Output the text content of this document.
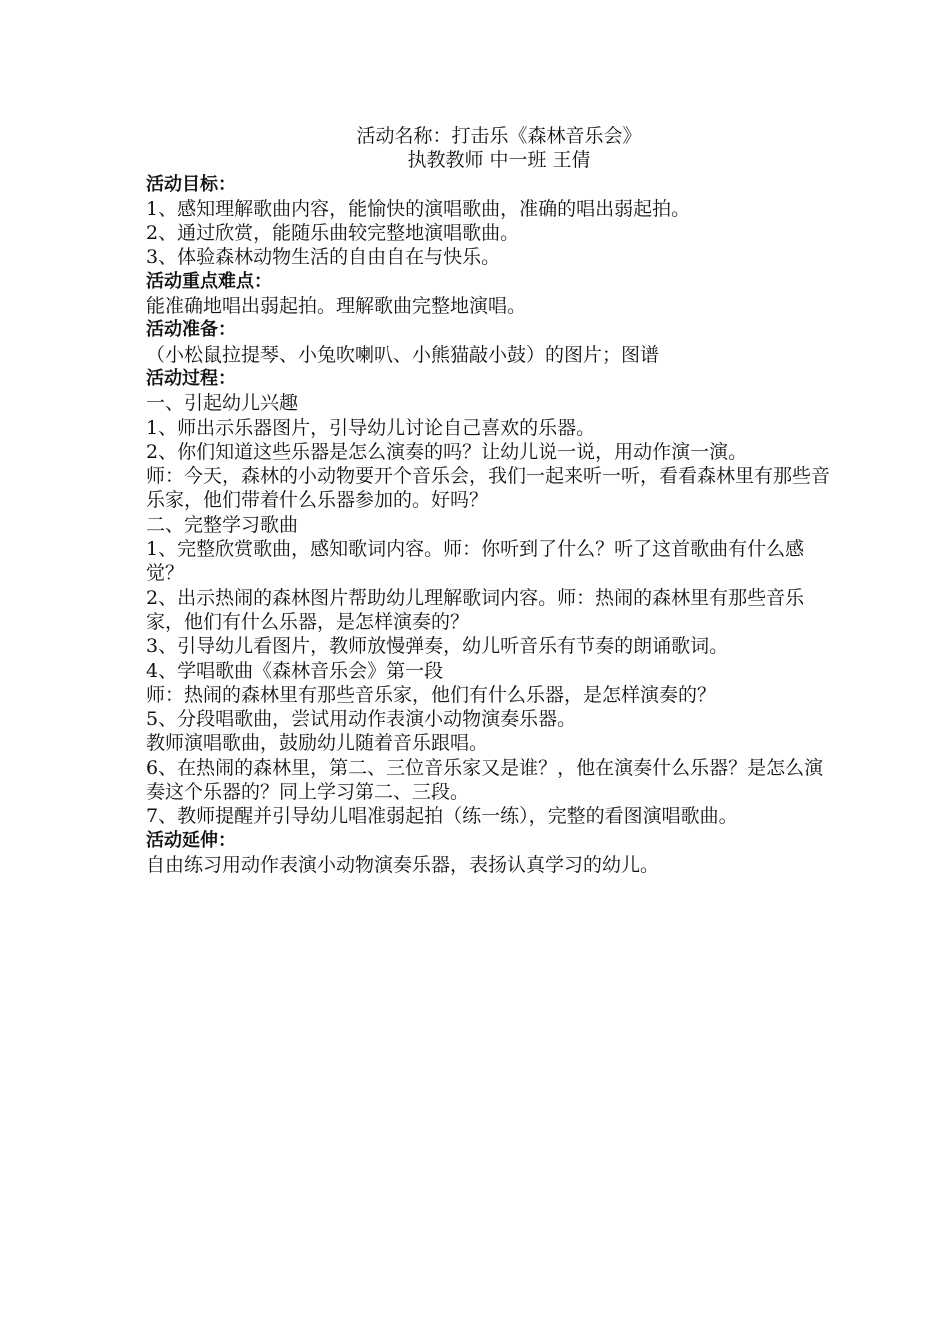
活动名称：打击乐《森林音乐会》
执教教师 中一班 王倩
活动目标：
1、感知理解歌曲内容，能愉快的演唱歌曲，准确的唱出弱起拍。
2、通过欣赏，能随乐曲较完整地演唱歌曲。
3、体验森林动物生活的自由自在与快乐。
活动重点难点：
能准确地唱出弱起拍。理解歌曲完整地演唱。
活动准备：
（小松鼠拉提琴、小兔吹喇叭、小熊猫敲小鼓）的图片；图谱
活动过程：
一、引起幼儿兴趣
1、师出示乐器图片，引导幼儿讨论自己喜欢的乐器。
2、你们知道这些乐器是怎么演奏的吗？让幼儿说一说，用动作演一演。
师：今天，森林的小动物要开个音乐会，我们一起来听一听，看看森林里有那些音乐家，他们带着什么乐器参加的。好吗？
二、完整学习歌曲
1、完整欣赏歌曲，感知歌词内容。师：你听到了什么？听了这首歌曲有什么感觉？
2、出示热闹的森林图片帮助幼儿理解歌词内容。师：热闹的森林里有那些音乐家，他们有什么乐器，是怎样演奏的？
3、引导幼儿看图片，教师放慢弹奏，幼儿听音乐有节奏的朗诵歌词。
4、学唱歌曲《森林音乐会》第一段
师：热闹的森林里有那些音乐家，他们有什么乐器，是怎样演奏的？
5、分段唱歌曲，尝试用动作表演小动物演奏乐器。
教师演唱歌曲，鼓励幼儿随着音乐跟唱。
6、在热闹的森林里，第二、三位音乐家又是谁？，他在演奏什么乐器？是怎么演奏这个乐器的？同上学习第二、三段。
7、教师提醒并引导幼儿唱准弱起拍（练一练），完整的看图演唱歌曲。
活动延伸：
自由练习用动作表演小动物演奏乐器，表扬认真学习的幼儿。
